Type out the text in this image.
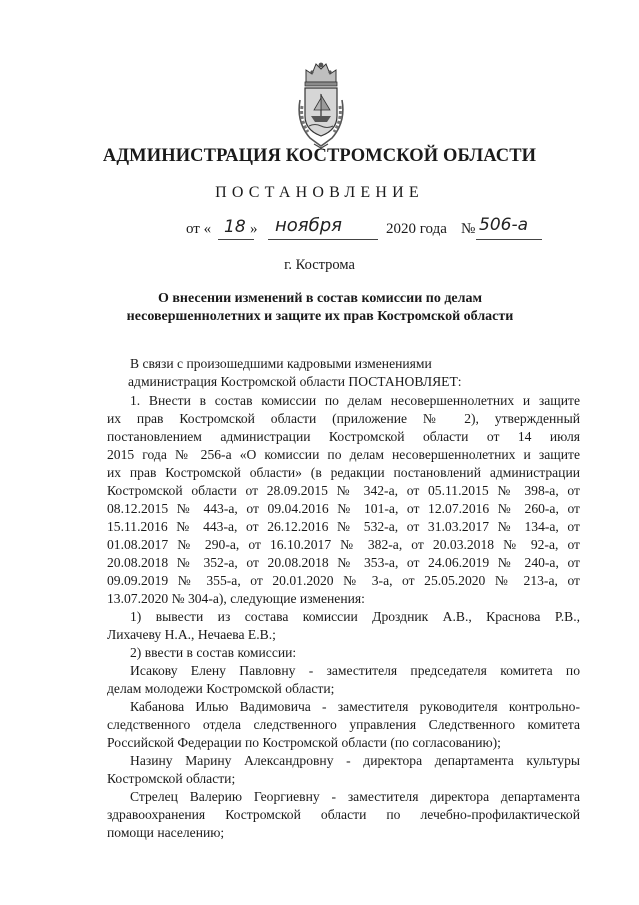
АДМИНИСТРАЦИЯ КОСТРОМСКОЙ ОБЛАСТИ
ПОСТАНОВЛЕНИЕ
от « 18 » ноября	2020 года № 506-а
г. Кострома
О внесении изменений в состав комиссии по делам
несовершеннолетних и защите их прав Костромской области
В связи с произошедшими кадровыми изменениями
администрация Костромской области ПОСТАНОВЛЯЕТ:
1. Внести в состав комиссии по делам несовершеннолетних и защите
их прав Костромской области (приложение № 2), утвержденный
постановлением администрации Костромской области от 14 июля
2015 года № 256-а «О комиссии по делам несовершеннолетних и защите
их прав Костромской области» (в редакции постановлений администрации
Костромской области от 28.09.2015 № 342-а, от 05.11.2015 № 398-а, от
08.12.2015 № 443-а, от 09.04.2016 № 101-а, от 12.07.2016 № 260-а, от
15.11.2016 № 443-а, от 26.12.2016 № 532-а, от 31.03.2017 № 134-а, от
01.08.2017 № 290-а, от 16.10.2017 № 382-а, от 20.03.2018 № 92-а, от
20.08.2018 № 352-а, от 20.08.2018 № 353-а, от 24.06.2019 № 240-а, от
09.09.2019 № 355-а, от 20.01.2020 № 3-а, от 25.05.2020 № 213-а, от
13.07.2020 № 304-а), следующие изменения:
1) вывести из состава комиссии Дроздник А.В., Краснова Р.В.,
Лихачеву Н.А., Нечаева Е.В.;
2) ввести в состав комиссии:
Исакову Елену Павловну - заместителя председателя комитета по
делам молодежи Костромской области;
Кабанова Илью Вадимовича - заместителя руководителя контрольно-
следственного отдела следственного управления Следственного комитета
Российской Федерации по Костромской области (по согласованию);
Назину Марину Александровну - директора департамента культуры
Костромской области;
Стрелец Валерию Георгиевну - заместителя директора департамента
здравоохранения Костромской области по лечебно-профилактической
помощи населению;
